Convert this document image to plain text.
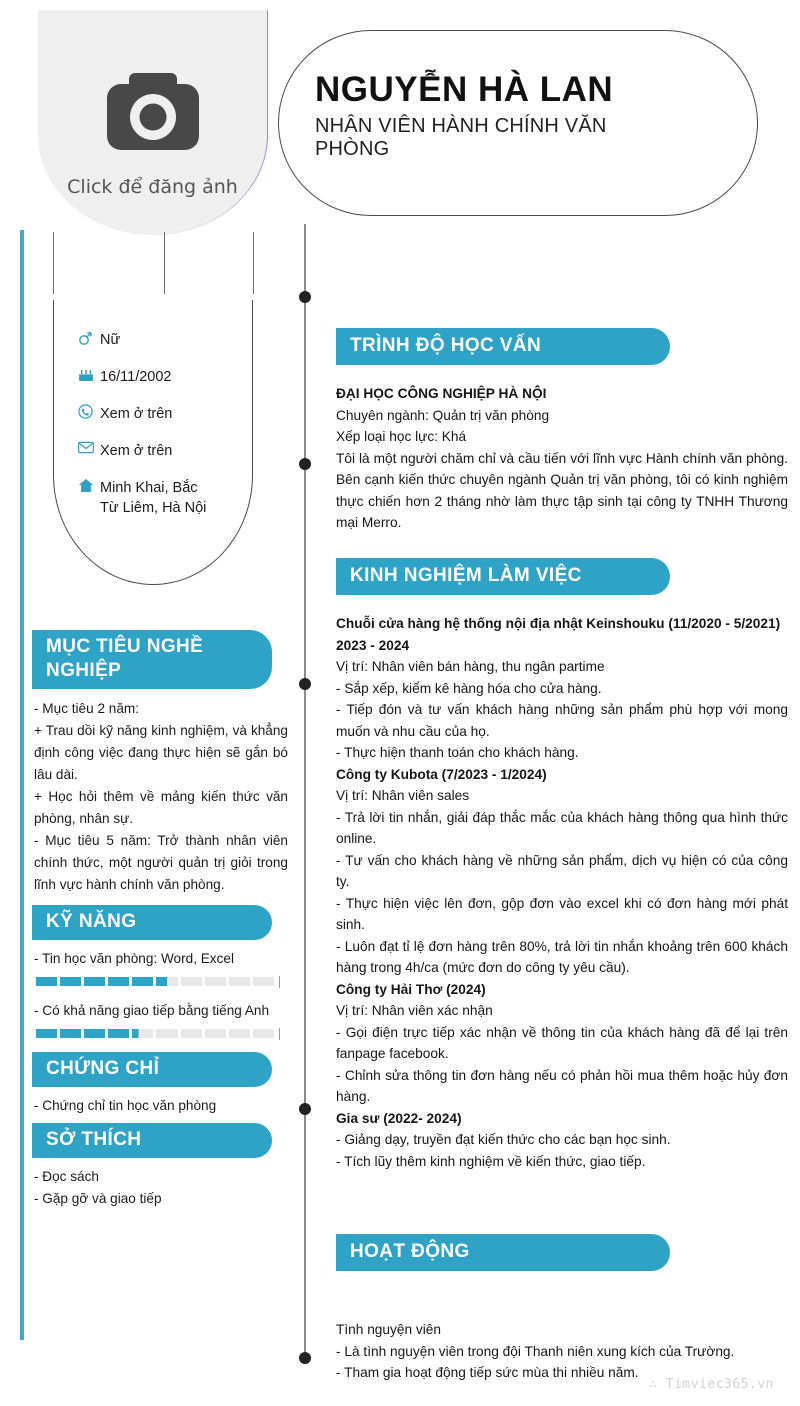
Click để đăng ảnh
NGUYỄN HÀ LAN
NHÂN VIÊN HÀNH CHÍNH VĂN PHÒNG
Nữ
16/11/2002
Xem ở trên
Xem ở trên
Minh Khai, Bắc Từ Liêm, Hà Nội
MỤC TIÊU NGHỀ NGHIỆP

- Mục tiêu 2 năm:

+ Trau dồi kỹ năng kinh nghiệm, và khẳng định công việc đang thực hiện sẽ gắn bó lâu dài.

+ Học hỏi thêm về mảng kiến thức văn phòng, nhân sự.

- Mục tiêu 5 năm: Trở thành nhân viên chính thức, một người quản trị giỏi trong lĩnh vực hành chính văn phòng.

KỸ NĂNG

- Tin học văn phòng: Word, Excel

- Có khả năng giao tiếp bằng tiếng Anh

CHỨNG CHỈ

- Chứng chỉ tin học văn phòng

SỞ THÍCH

- Đọc sách

- Gặp gỡ và giao tiếp

TRÌNH ĐỘ HỌC VẤN

ĐẠI HỌC CÔNG NGHIỆP HÀ NỘI

Chuyên ngành: Quản trị văn phòng

Xếp loại học lực: Khá

Tôi là một người chăm chỉ và cầu tiến với lĩnh vực Hành chính văn phòng. Bên cạnh kiến thức chuyên ngành Quản trị văn phòng, tôi có kinh nghiệm thực chiến hơn 2 tháng nhờ làm thực tập sinh tại công ty TNHH Thương mại Merro.

KINH NGHIỆM LÀM VIỆC

Chuỗi cửa hàng hệ thống nội địa nhật Keinshouku (11/2020 - 5/2021)

2023 - 2024

Vị trí: Nhân viên bán hàng, thu ngân partime

- Sắp xếp, kiểm kê hàng hóa cho cửa hàng.

- Tiếp đón và tư vấn khách hàng những sản phẩm phù hợp với mong muốn và nhu cầu của họ.

- Thực hiện thanh toán cho khách hàng.

Công ty Kubota (7/2023 - 1/2024)

Vị trí: Nhân viên sales

- Trả lời tin nhắn, giải đáp thắc mắc của khách hàng thông qua hình thức online.

- Tư vấn cho khách hàng về những sản phẩm, dịch vụ hiện có của công ty.

- Thực hiện việc lên đơn, gộp đơn vào excel khi có đơn hàng mới phát sinh.

- Luôn đạt tỉ lệ đơn hàng trên 80%, trả lời tin nhắn khoảng trên 600 khách hàng trong 4h/ca (mức đơn do công ty yêu cầu).

Công ty Hải Thơ (2024)

Vị trí: Nhân viên xác nhận

- Gọi điện trực tiếp xác nhận về thông tin của khách hàng đã để lại trên fanpage facebook.

- Chỉnh sửa thông tin đơn hàng nếu có phản hồi mua thêm hoặc hủy đơn hàng.

Gia sư (2022- 2024)

- Giảng dạy, truyền đạt kiến thức cho các bạn học sinh.

- Tích lũy thêm kinh nghiệm về kiến thức, giao tiếp.

HOẠT ĐỘNG

Tình nguyện viên

- Là tình nguyện viên trong đội Thanh niên xung kích của Trường.

- Tham gia hoạt động tiếp sức mùa thi nhiều năm.

∴ Timviec365.vn
